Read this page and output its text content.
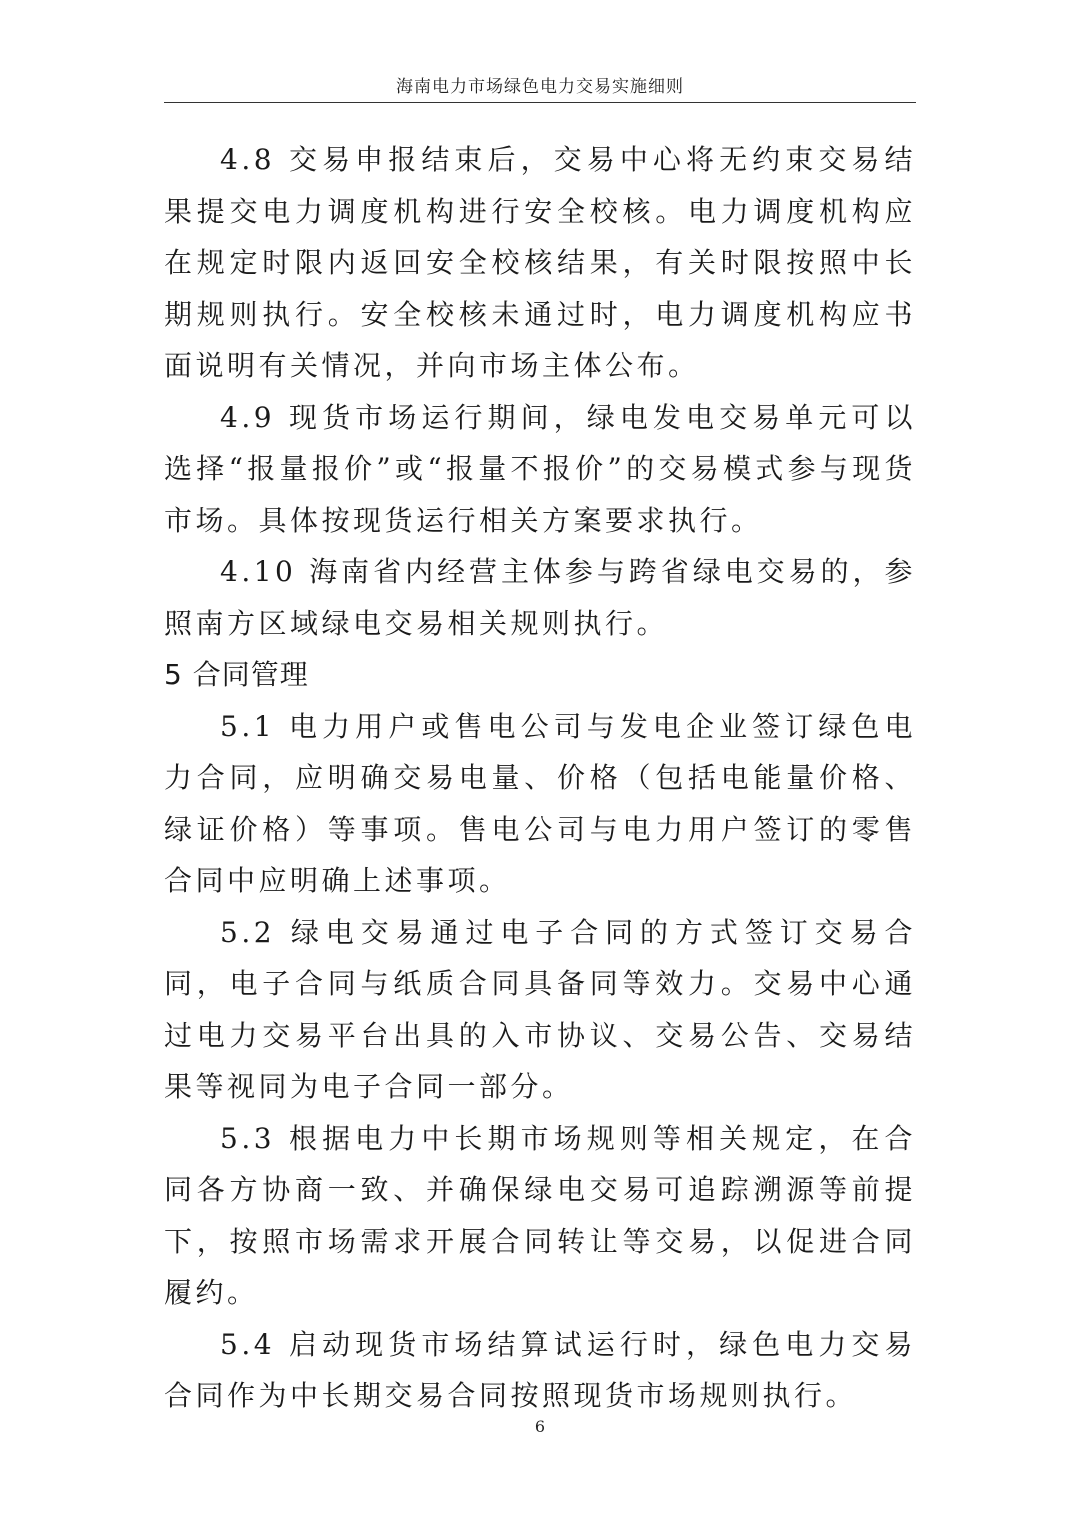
海南电力市场绿色电力交易实施细则

4.8 交易申报结束后，交易中心将无约束交易结果提交电力调度机构进行安全校核。电力调度机构应在规定时限内返回安全校核结果，有关时限按照中长期规则执行。安全校核未通过时，电力调度机构应书面说明有关情况，并向市场主体公布。

4.9 现货市场运行期间，绿电发电交易单元可以选择“报量报价”或“报量不报价”的交易模式参与现货市场。具体按现货运行相关方案要求执行。

4.10 海南省内经营主体参与跨省绿电交易的，参照南方区域绿电交易相关规则执行。

5 合同管理

5.1 电力用户或售电公司与发电企业签订绿色电力合同，应明确交易电量、价格（包括电能量价格、绿证价格）等事项。售电公司与电力用户签订的零售合同中应明确上述事项。

5.2 绿电交易通过电子合同的方式签订交易合同，电子合同与纸质合同具备同等效力。交易中心通过电力交易平台出具的入市协议、交易公告、交易结果等视同为电子合同一部分。

5.3 根据电力中长期市场规则等相关规定，在合同各方协商一致、并确保绿电交易可追踪溯源等前提下，按照市场需求开展合同转让等交易，以促进合同履约。

5.4 启动现货市场结算试运行时，绿色电力交易合同作为中长期交易合同按照现货市场规则执行。

6
